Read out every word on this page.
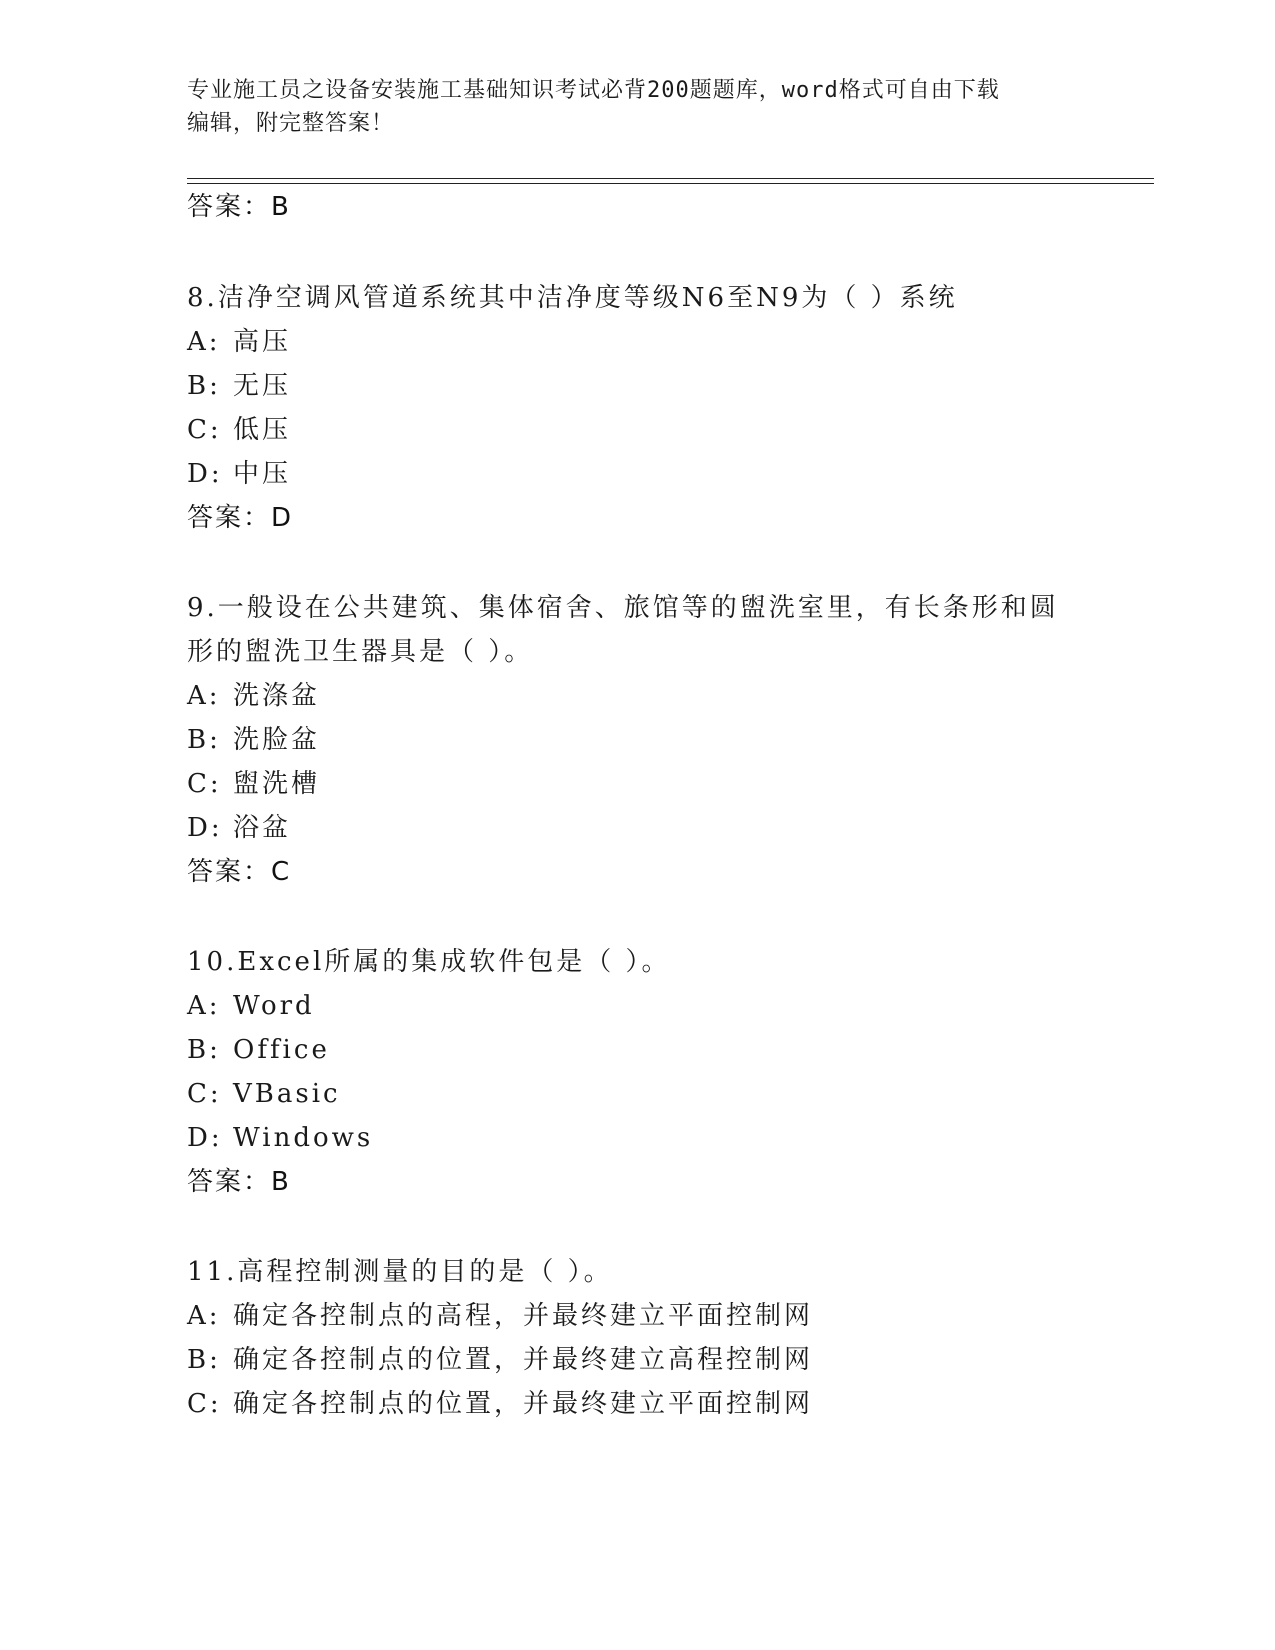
专业施工员之设备安装施工基础知识考试必背200题题库，word格式可自由下载
编辑，附完整答案！
答案：B
8.洁净空调风管道系统其中洁净度等级N6至N9为（ ）系统
A: 高压
B: 无压
C: 低压
D: 中压
答案：D
9.一般设在公共建筑、集体宿舍、旅馆等的盥洗室里，有长条形和圆
形的盥洗卫生器具是（ ）。
A: 洗涤盆
B: 洗脸盆
C: 盥洗槽
D: 浴盆
答案：C
10.Excel所属的集成软件包是（ ）。
A: Word
B: Office
C: VBasic
D: Windows
答案：B
11.高程控制测量的目的是（ ）。
A: 确定各控制点的高程，并最终建立平面控制网
B: 确定各控制点的位置，并最终建立高程控制网
C: 确定各控制点的位置，并最终建立平面控制网
